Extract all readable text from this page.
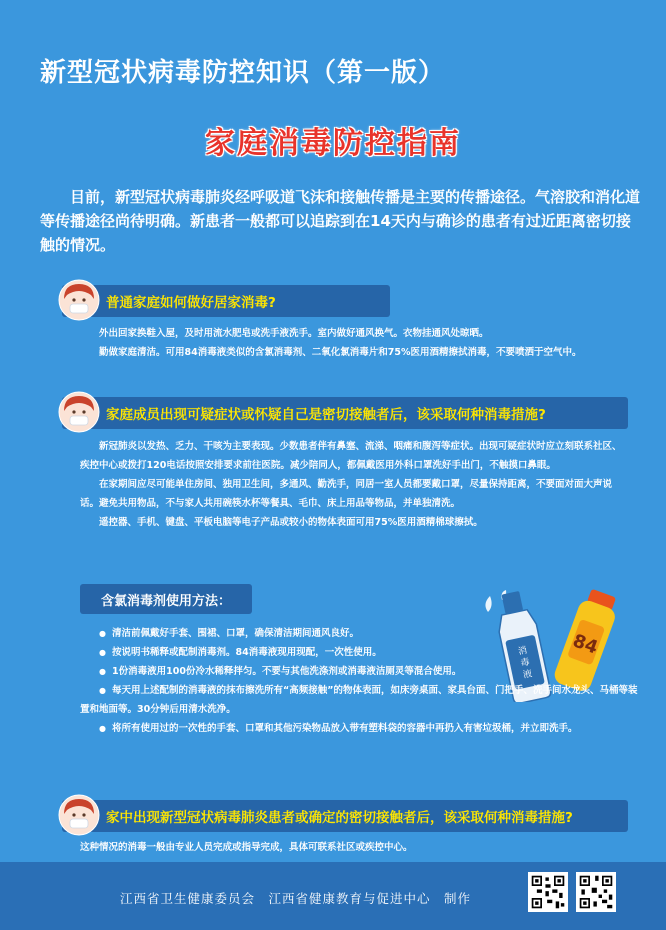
新型冠状病毒防控知识（第一版）
家庭消毒防控指南
目前，新型冠状病毒肺炎经呼吸道飞沫和接触传播是主要的传播途径。气溶胶和消化道等传播途径尚待明确。新患者一般都可以追踪到在14天内与确诊的患者有过近距离密切接触的情况。
普通家庭如何做好居家消毒?

外出回家换鞋入屋，及时用流水肥皂或洗手液洗手。室内做好通风换气。衣物挂通风处晾晒。

勤做家庭清洁。可用84消毒液类似的含氯消毒剂、二氧化氯消毒片和75%医用酒精擦拭消毒，不要喷洒于空气中。

家庭成员出现可疑症状或怀疑自己是密切接触者后，该采取何种消毒措施?

新冠肺炎以发热、乏力、干咳为主要表现。少数患者伴有鼻塞、流涕、咽痛和腹泻等症状。出现可疑症状时应立刻联系社区、疾控中心或拨打120电话按照安排要求前往医院。减少陪同人，都佩戴医用外科口罩洗好手出门，不触摸口鼻眼。

在家期间应尽可能单住房间、独用卫生间，多通风、勤洗手，同居一室人员都要戴口罩，尽量保持距离，不要面对面大声说话。避免共用物品，不与家人共用碗筷水杯等餐具、毛巾、床上用品等物品，并单独清洗。

遥控器、手机、键盘、平板电脑等电子产品或较小的物体表面可用75%医用酒精棉球擦拭。

含氯消毒剂使用方法：
84
消
毒
液

● 清洁前佩戴好手套、围裙、口罩，确保清洁期间通风良好。

● 按说明书稀释或配制消毒剂。84消毒液现用现配，一次性使用。

● 1份消毒液用100份冷水稀释拌匀。不要与其他洗涤剂或消毒液洁厕灵等混合使用。

● 每天用上述配制的消毒液的抹布擦洗所有“高频接触”的物体表面，如床旁桌面、家具台面、门把手、洗手间水龙头、马桶等装置和地面等。30分钟后用清水洗净。

● 将所有使用过的一次性的手套、口罩和其他污染物品放入带有塑料袋的容器中再扔入有害垃圾桶，并立即洗手。

家中出现新型冠状病毒肺炎患者或确定的密切接触者后，该采取何种消毒措施?

这种情况的消毒一般由专业人员完成或指导完成，具体可联系社区或疾控中心。

江西省卫生健康委员会　江西省健康教育与促进中心　制作
